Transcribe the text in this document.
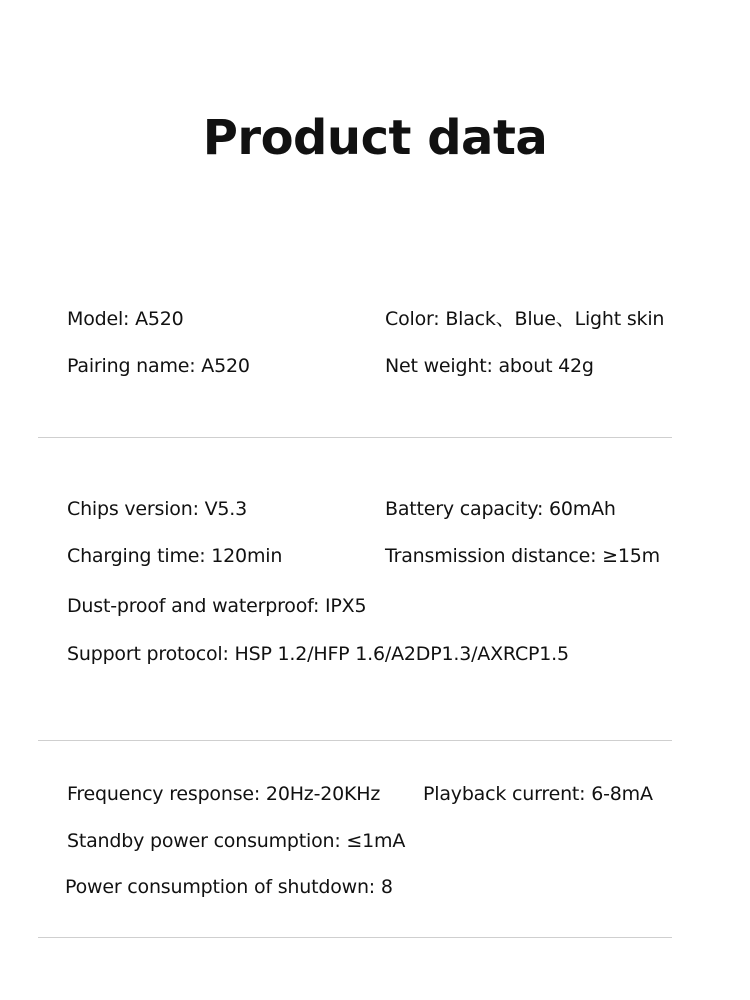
Product data
Model: A520	Color: Black、Blue、Light skin
Pairing name: A520	Net weight: about 42g
Chips version: V5.3	Battery capacity: 60mAh
Charging time: 120min	Transmission distance: ≥15m
Dust-proof and waterproof: IPX5
Support protocol: HSP 1.2/HFP 1.6/A2DP1.3/AXRCP1.5
Frequency response: 20Hz-20KHz Playback current: 6-8mA
Standby power consumption: ≤1mA
Power consumption of shutdown: 8
